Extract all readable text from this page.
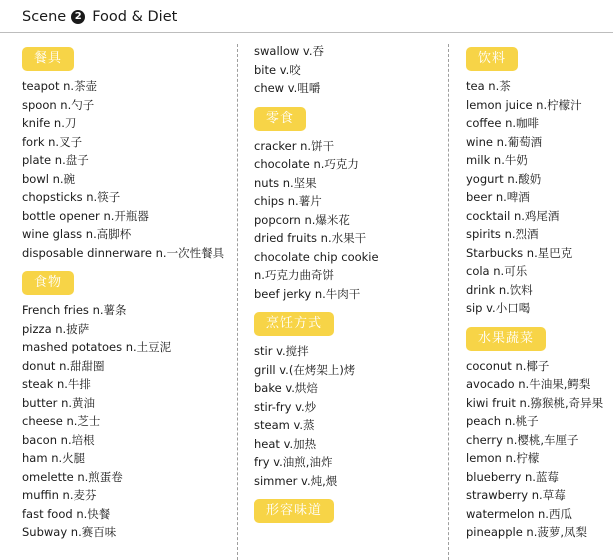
Scene 2 Food & Diet
餐具
teapot n.茶壶
spoon n.勺子
knife n.刀
fork n.叉子
plate n.盘子
bowl n.碗
chopsticks n.筷子
bottle opener n.开瓶器
wine glass n.高脚杯
disposable dinnerware n.一次性餐具
食物
French fries n.薯条
pizza n.披萨
mashed potatoes n.土豆泥
donut n.甜甜圈
steak n.牛排
butter n.黄油
cheese n.芝士
bacon n.培根
ham n.火腿
omelette n.煎蛋卷
muffin n.麦芬
fast food n.快餐
Subway n.赛百味
swallow v.吞
bite v.咬
chew v.咀嚼
零食
cracker n.饼干
chocolate n.巧克力
nuts n.坚果
chips n.薯片
popcorn n.爆米花
dried fruits n.水果干
chocolate chip cookie
n.巧克力曲奇饼
beef jerky n.牛肉干
烹饪方式
stir v.搅拌
grill v.(在烤架上)烤
bake v.烘焙
stir-fry v.炒
steam v.蒸
heat v.加热
fry v.油煎,油炸
simmer v.炖,煨
形容味道
饮料
tea n.茶
lemon juice n.柠檬汁
coffee n.咖啡
wine n.葡萄酒
milk n.牛奶
yogurt n.酸奶
beer n.啤酒
cocktail n.鸡尾酒
spirits n.烈酒
Starbucks n.星巴克
cola n.可乐
drink n.饮料
sip v.小口喝
水果蔬菜
coconut n.椰子
avocado n.牛油果,鳄梨
kiwi fruit n.猕猴桃,奇异果
peach n.桃子
cherry n.樱桃,车厘子
lemon n.柠檬
blueberry n.蓝莓
strawberry n.草莓
watermelon n.西瓜
pineapple n.菠萝,凤梨
